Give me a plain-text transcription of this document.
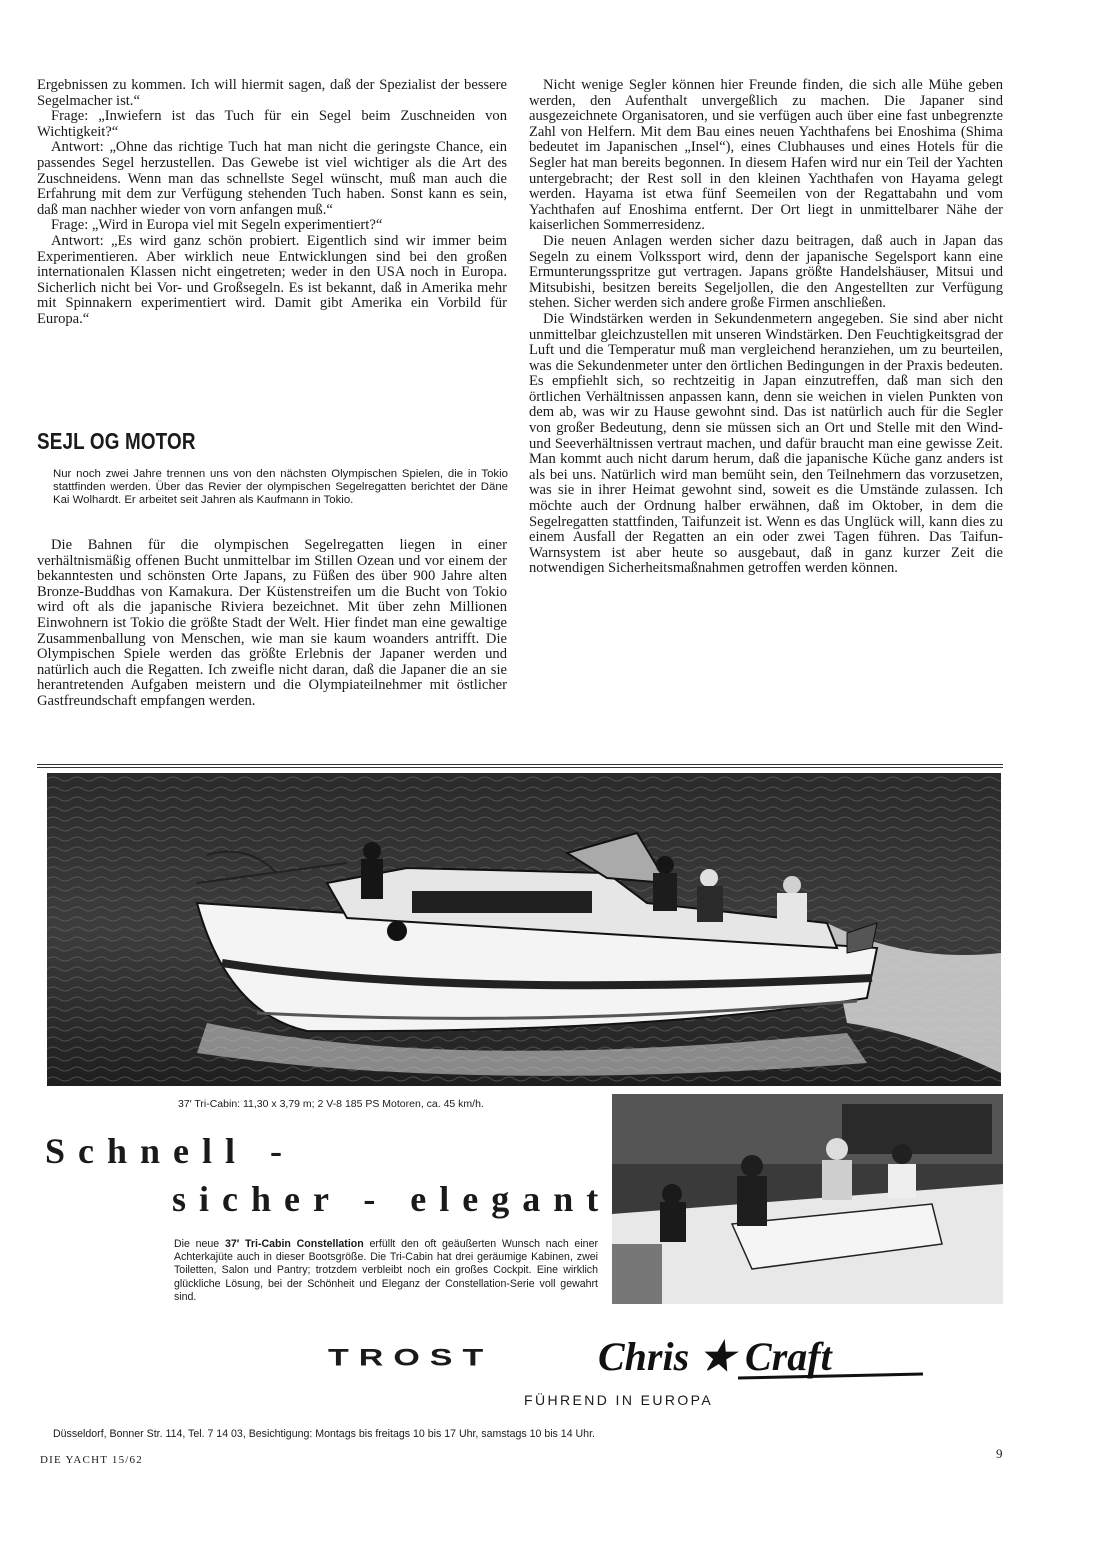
Ergebnissen zu kommen. Ich will hiermit sagen, daß der Spezialist der bessere Segelmacher ist.“

Frage: „Inwiefern ist das Tuch für ein Segel beim Zuschneiden von Wichtigkeit?“

Antwort: „Ohne das richtige Tuch hat man nicht die geringste Chance, ein passendes Segel herzustellen. Das Gewebe ist viel wichtiger als die Art des Zuschneidens. Wenn man das schnellste Segel wünscht, muß man auch die Erfahrung mit dem zur Verfügung stehenden Tuch haben. Sonst kann es sein, daß man nachher wieder von vorn anfangen muß.“

Frage: „Wird in Europa viel mit Segeln experimentiert?“

Antwort: „Es wird ganz schön probiert. Eigentlich sind wir immer beim Experimentieren. Aber wirklich neue Entwicklungen sind bei den großen internationalen Klassen nicht eingetreten; weder in den USA noch in Europa. Sicherlich nicht bei Vor- und Großsegeln. Es ist bekannt, daß in Amerika mehr mit Spinnakern experimentiert wird. Damit gibt Amerika ein Vorbild für Europa.“

SEJL OG MOTOR
Nur noch zwei Jahre trennen uns von den nächsten Olympischen Spielen, die in Tokio stattfinden werden. Über das Revier der olympischen Segelregatten berichtet der Däne Kai Wolhardt. Er arbeitet seit Jahren als Kaufmann in Tokio.

Die Bahnen für die olympischen Segelregatten liegen in einer verhältnismäßig offenen Bucht unmittelbar im Stillen Ozean und vor einem der bekanntesten und schönsten Orte Japans, zu Füßen des über 900 Jahre alten Bronze-Buddhas von Kamakura. Der Küstenstreifen um die Bucht von Tokio wird oft als die japanische Riviera bezeichnet. Mit über zehn Millionen Einwohnern ist Tokio die größte Stadt der Welt. Hier findet man eine gewaltige Zusammenballung von Menschen, wie man sie kaum woanders antrifft. Die Olympischen Spiele werden das größte Erlebnis der Japaner werden und natürlich auch die Regatten. Ich zweifle nicht daran, daß die Japaner die an sie herantretenden Aufgaben meistern und die Olympiateilnehmer mit östlicher Gastfreundschaft empfangen werden.

Nicht wenige Segler können hier Freunde finden, die sich alle Mühe geben werden, den Aufenthalt unvergeßlich zu machen. Die Japaner sind ausgezeichnete Organisatoren, und sie verfügen auch über eine fast unbegrenzte Zahl von Helfern. Mit dem Bau eines neuen Yachthafens bei Enoshima (Shima bedeutet im Japanischen „Insel“), eines Clubhauses und eines Hotels für die Segler hat man bereits begonnen. In diesem Hafen wird nur ein Teil der Yachten untergebracht; der Rest soll in den kleinen Yachthafen von Hayama gelegt werden. Hayama ist etwa fünf Seemeilen von der Regattabahn und vom Yachthafen auf Enoshima entfernt. Der Ort liegt in unmittelbarer Nähe der kaiserlichen Sommerresidenz.

Die neuen Anlagen werden sicher dazu beitragen, daß auch in Japan das Segeln zu einem Volkssport wird, denn der japanische Segelsport kann eine Ermunterungsspritze gut vertragen. Japans größte Handelshäuser, Mitsui und Mitsubishi, besitzen bereits Segeljollen, die den Angestellten zur Verfügung stehen. Sicher werden sich andere große Firmen anschließen.

Die Windstärken werden in Sekundenmetern angegeben. Sie sind aber nicht unmittelbar gleichzustellen mit unseren Windstärken. Den Feuchtigkeitsgrad der Luft und die Temperatur muß man vergleichend heranziehen, um zu beurteilen, was die Sekundenmeter unter den örtlichen Bedingungen in der Praxis bedeuten. Es empfiehlt sich, so rechtzeitig in Japan einzutreffen, daß man sich den örtlichen Verhältnissen anpassen kann, denn sie weichen in vielen Punkten von dem ab, was wir zu Hause gewohnt sind. Das ist natürlich auch für die Segler von großer Bedeutung, denn sie müssen sich an Ort und Stelle mit den Wind- und Seeverhältnissen vertraut machen, und dafür braucht man eine gewisse Zeit. Man kommt auch nicht darum herum, daß die japanische Küche ganz anders ist als bei uns. Natürlich wird man bemüht sein, den Teilnehmern das vorzusetzen, was sie in ihrer Heimat gewohnt sind, soweit es die Umstände zulassen. Ich möchte auch der Ordnung halber erwähnen, daß im Oktober, in dem die Segelregatten stattfinden, Taifunzeit ist. Wenn es das Unglück will, kann dies zu einem Ausfall der Regatten an ein oder zwei Tagen führen. Das Taifun-Warnsystem ist aber heute so ausgebaut, daß in ganz kurzer Zeit die notwendigen Sicherheitsmaßnahmen getroffen werden können.

37′ Tri-Cabin: 11,30 x 3,79 m; 2 V-8 185 PS Motoren, ca. 45 km/h.
Schnell -
sicher - elegant
Die neue 37′ Tri-Cabin Constellation erfüllt den oft geäußerten Wunsch nach einer Achterkajüte auch in dieser Bootsgröße. Die Tri-Cabin hat drei geräumige Kabinen, zwei Toiletten, Salon und Pantry; trotzdem verbleibt noch ein großes Cockpit. Eine wirklich glückliche Lösung, bei der Schönheit und Eleganz der Constellation-Serie voll gewahrt sind.
TROST	Chris ★ Craft
FÜHREND IN EUROPA
Düsseldorf, Bonner Str. 114, Tel. 7 14 03, Besichtigung: Montags bis freitags 10 bis 17 Uhr, samstags 10 bis 14 Uhr.
DIE YACHT 15/62	9
